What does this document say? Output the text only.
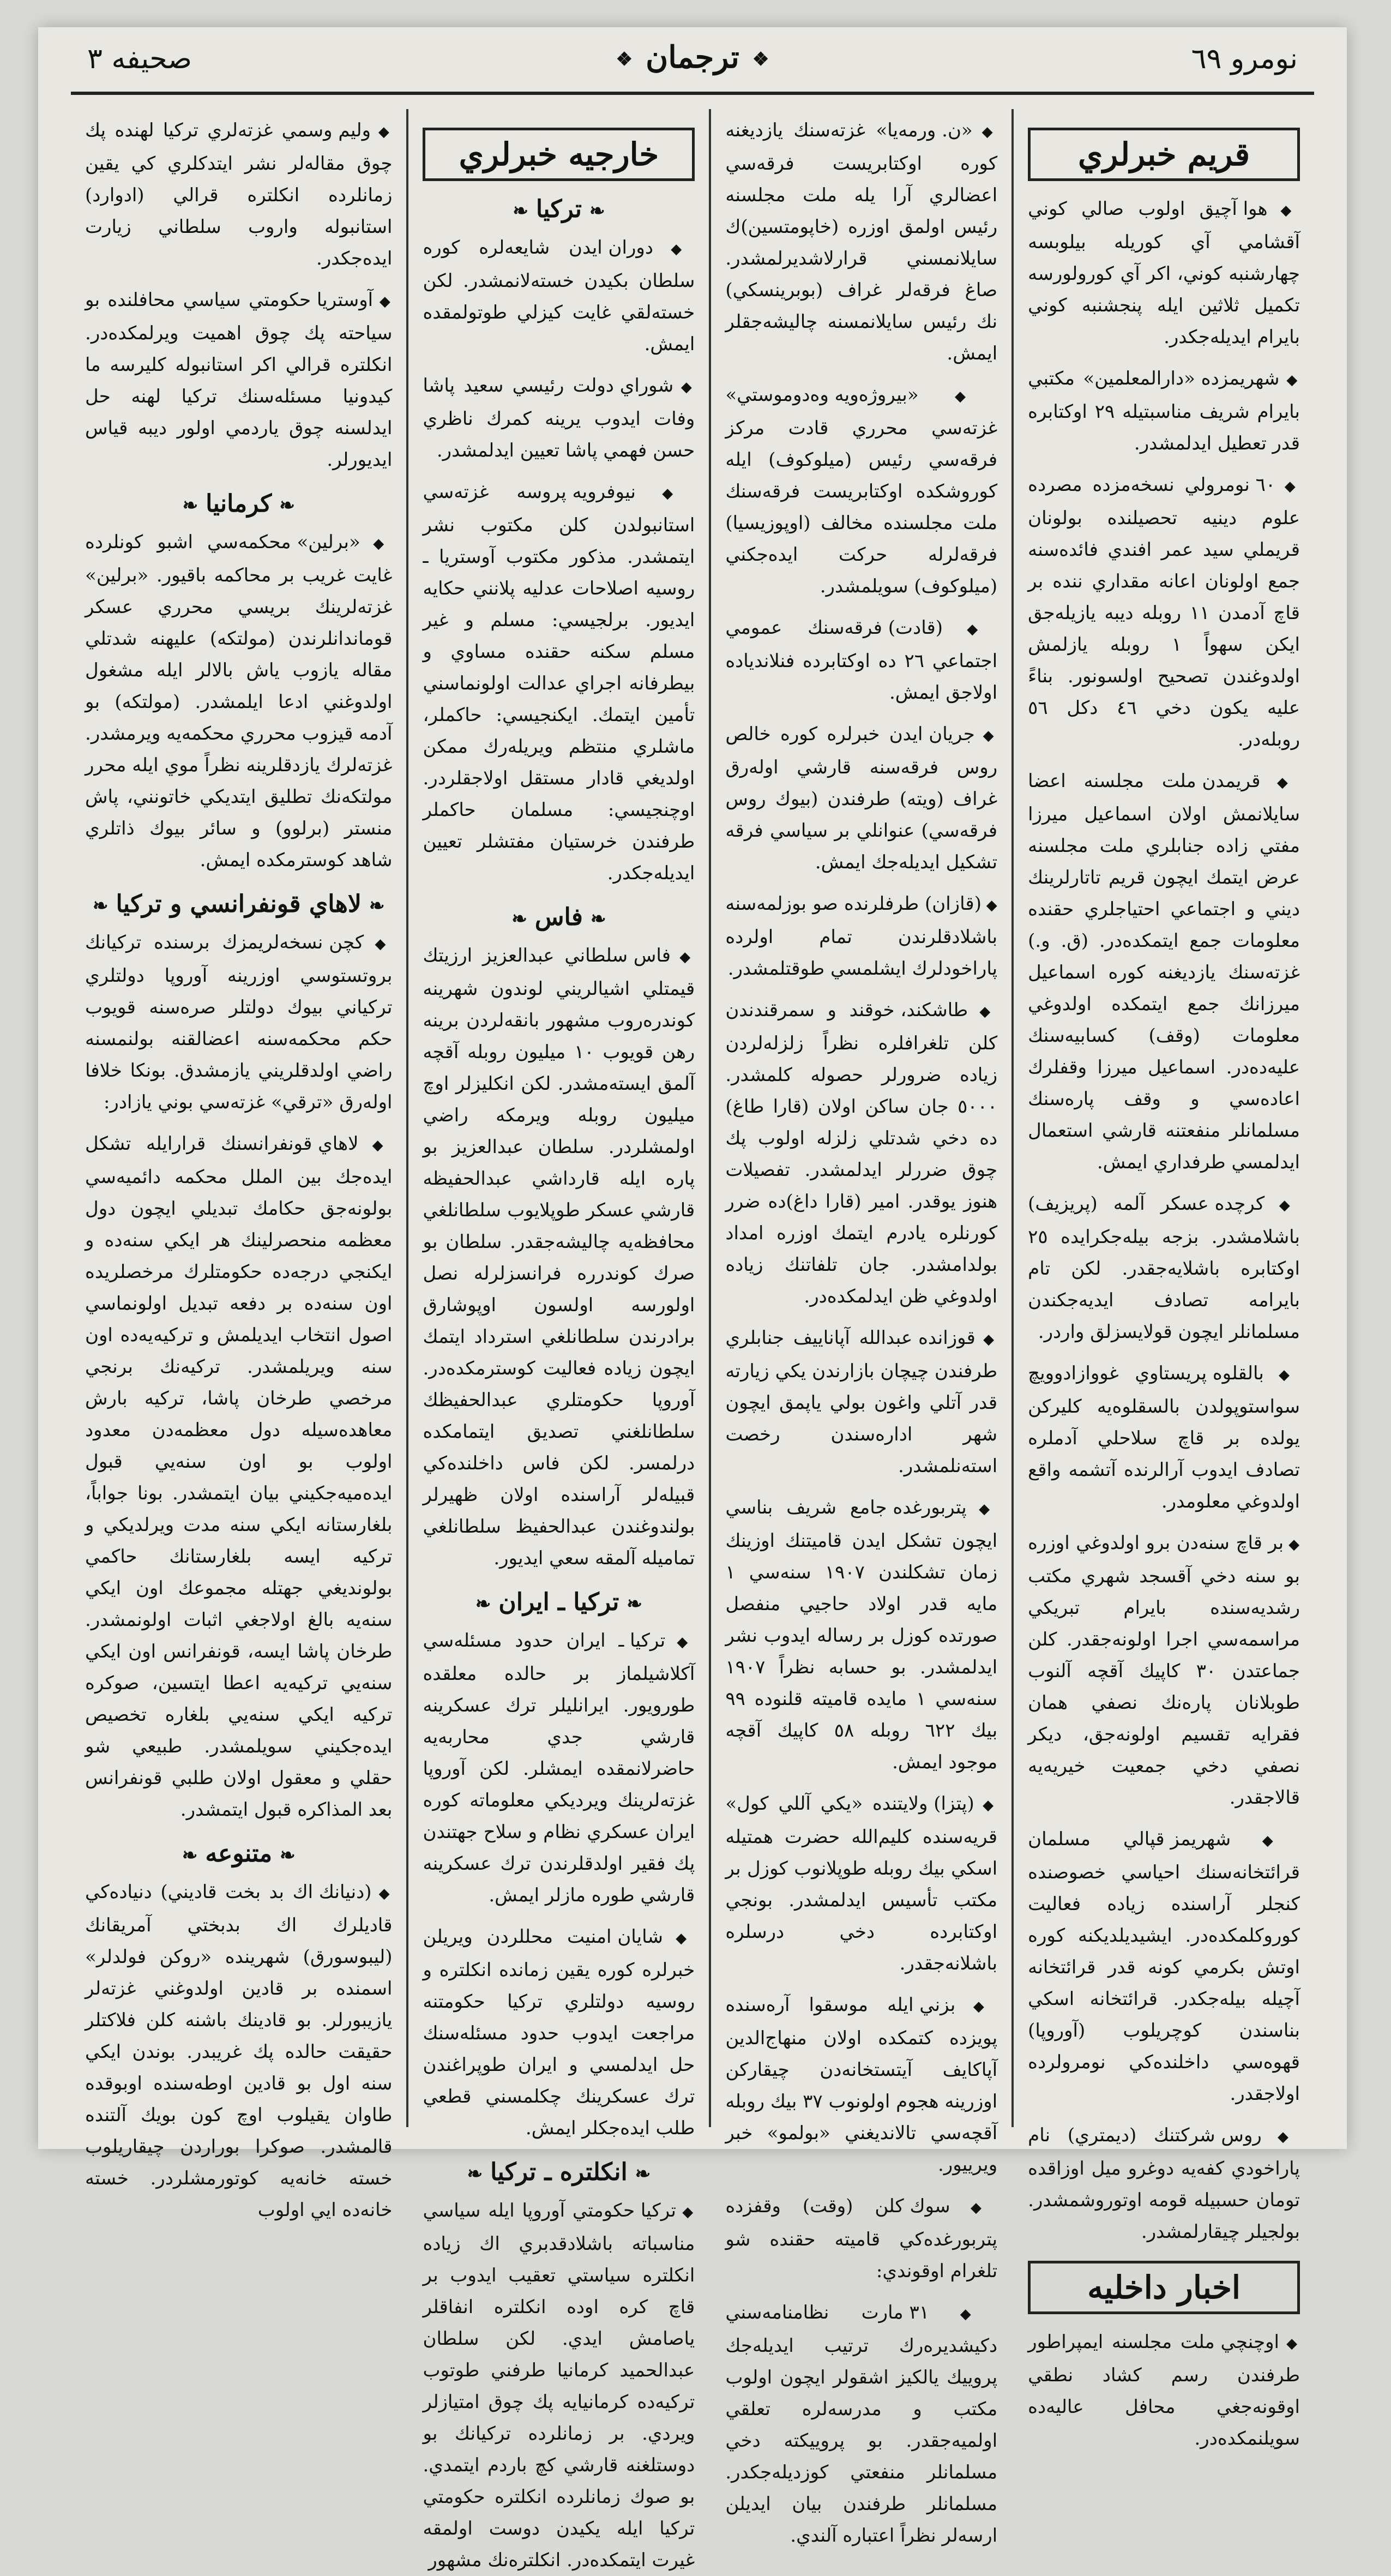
نومرو ٦٩
❖ ترجمان ❖
صحيفه ٣
قريم خبرلري

◆ هوا آچيق اولوب صالي كوني آقشامي آي كوريله بيلوبسه چهارشنبه كوني، اكر آي كورولورسه تكميل ثلاثين ايله پنجشنبه كوني بايرام ايديله‌جكدر.

◆ شهريمزده «دارالمعلمين» مكتبي بايرام شريف مناسبتيله ٢٩ اوكتابره قدر تعطيل ايدلمشدر.

◆ ٦٠ نومرولي نسخه‌مزده مصرده علوم دينيه تحصيلنده بولونان قريملي سيد عمر افندي فائده‌سنه جمع اولونان اعانه مقداري ننده بر قاچ آدمدن ١١ روبله ديبه يازيله‌جق ايكن سهواً ١ روبله يازلمش اولدوغندن تصحيح اولسونور. بناءً عليه يكون دخي ٤٦ دكل ٥٦ روبله‌در.

◆ قريمدن ملت مجلسنه اعضا سايلانمش اولان اسماعيل ميرزا مفتي زاده جنابلري ملت مجلسنه عرض ايتمك ايچون قريم تاتارلرينك ديني و اجتماعي احتياجلري حقنده معلومات جمع ايتمكده‌در. (ق. و.) غزته‌سنك يازديغنه كوره اسماعيل ميرزانك جمع ايتمكده اولدوغي معلومات (وقف) كسابيه‌سنك عليه‌ده‌در. اسماعيل ميرزا وقفلرك اعاده‌سي و وقف پاره‌سنك مسلمانلر منفعتنه قارشي استعمال ايدلمسي طرفداري ايمش.

◆ كرچده عسكر آلمه (پريزيف) باشلامشدر. بزجه بيله‌جكرايده ٢٥ اوكتابره باشلايه‌جقدر. لكن تام بايرامه تصادف ايديه‌جكندن مسلمانلر ايچون قولايسزلق واردر.

◆ بالقلوه پريستاوي غووازادوويچ سواستوپولدن بالسقلوه‌يه كليركن يولده بر قاچ سلاحلي آدملره تصادف ايدوب آرالرنده آتشمه واقع اولدوغي معلومدر.

◆ بر قاچ سنه‌دن برو اولدوغي اوزره بو سنه دخي آقسجد شهري مكتب رشديه‌سنده بايرام تبريكي مراسمه‌سي اجرا اولونه‌جقدر. كلن جماعتدن ٣٠ كاپيك آقچه آلنوب طوبلانان پاره‌نك نصفي همان فقرايه تقسيم اولونه‌جق، ديكر نصفي دخي جمعيت خيريه‌يه قالاجقدر.

◆ شهريمز قپالي مسلمان قرائتخانه‌سنك احياسي خصوصنده كنجلر آراسنده زياده فعاليت كوروكلمكده‌در. ايشيديلديكنه كوره اوتش بكرمي كونه قدر قرائتخانه آچيله بيله‌جكدر. قرائتخانه اسكي بناسندن كوچريلوب (آوروپا) قهوه‌سي داخلنده‌كي نومرولرده اولاجقدر.

◆ روس شركتنك (ديمتري) نام پاراخودي كفه‌يه دوغرو ميل اوزاقده تومان حسبيله قومه اوتوروشمشدر. بولجيلر چيقارلمشدر.

اخبار داخليه

◆ اوچنچي ملت مجلسنه ايمپراطور طرفندن رسم كشاد نطقي اوقونه‌جغي محافل عاليه‌ده سويلنمكده‌در.

◆ «ن. ورمه‌يا» غزته‌سنك يازديغنه كوره اوكتابريست فرقه‌سي اعضالري آرا يله ملت مجلسنه رئيس اولمق اوزره (خاپومتسين)ك سايلانمسني قرارلاشديرلمشدر. صاغ فرقه‌لر غراف (بوبرينسكي) نك رئيس سايلانمسنه چاليشه‌جقلر ايمش.

◆ «بيروژه‌ويه وه‌دوموستي» غزته‌سي محرري قادت مركز فرقه‌سي رئيس (ميلوكوف) ايله كوروشكده اوكتابريست فرقه‌سنك ملت مجلسنده مخالف (اوپوزيسيا) فرقه‌لرله حركت ايده‌جكني (ميلوكوف) سويلمشدر.

◆ (قادت) فرقه‌سنك عمومي اجتماعي ٢٦ ده اوكتابرده فنلانديا‌ده اولاجق ايمش.

◆ جريان ايدن خبرلره كوره خالص روس فرقه‌سنه قارشي اوله‌رق غراف (ويته) طرفندن (بيوك روس فرقه‌سي) عنوانلي بر سياسي فرقه تشكيل ايديله‌جك ايمش.

◆ (قازان) طرفلرنده صو بوزلمه‌سنه باشلادقلرندن تمام اولرده پاراخودلرك ايشلمسي طوقتلمشدر.

◆ طاشكند، خوقند و سمرقندندن كلن تلغرافلره نظراً زلزله‌لردن زياده ضرورلر حصوله كلمشدر. ٥٠٠٠ جان ساكن اولان (قارا طاغ) ده دخي شدتلي زلزله اولوب پك چوق ضررلر ايدلمشدر. تفصيلات هنوز يوقدر. امير (قارا داغ)ده ضرر كورنلره يادرم ايتمك اوزره امداد بولدامشدر. جان تلفاتنك زياده اولدوغي ظن ايدلمكده‌در.

◆ قوزانده عبدالله آپاناييف جنابلري طرفندن چيچان بازارندن يكي زيارته قدر آتلي واغون بولي ياپمق ايچون شهر اداره‌سندن رخصت استه‌نلمشدر.

◆ پتربورغده جامع شريف بناسي ايچون تشكل ايدن قاميتنك اوزينك زمان تشكلندن ١٩٠٧ سنه‌سي ١ مايه قدر اولاد حاجيي منفصل صورتده كوزل بر رساله ايدوب نشر ايدلمشدر. بو حسابه نظراً ١٩٠٧ سنه‌سي ١ مايده قاميته قلنوده ٩٩ بيك ٦٢٢ روبله ٥٨ كاپيك آقچه موجود ايمش.

◆ (پتزا) ولايتنده «يكي آللي كول» قريه‌سنده كليم‌الله حضرت همتيله اسكي بيك روبله طوپلانوب كوزل بر مكتب تأسيس ايدلمشدر. بونجي اوكتابرده دخي درسلره باشلانه‌جقدر.

◆ بزني ايله موسقوا آره‌سنده پويزده كتمكده اولان منهاج‌الدين آپاكايف آيتستخانه‌دن چيقاركن اوزرينه هجوم اولونوب ٣٧ بيك روبله آقچه‌سي تالانديغني «بولمو» خبر ويرييور.

◆ سوك كلن (وقت) وقفزده پتربورغده‌كي قاميته حقنده شو تلغرام اوقوندي:

◆ ٣١ مارت نظامنامه‌سني دكيشديره‌رك ترتيب ايديله‌جك پروييك يالكيز اشقولر ايچون اولوب مكتب و مدرسه‌لره تعلقي اولميه‌جقدر. بو پروييكته دخي مسلمانلر منفعتي كوزديله‌جكدر. مسلمانلر طرفندن بيان ايديلن ارسه‌لر نظراً اعتباره آلندي.

خارجيه خبرلري
❧ تركيا ❧

◆ دوران ايدن شايعه‌لره كوره سلطان بكيدن خسته‌لانمشدر. لكن خسته‌لقي غايت كيزلي طوتولمقده ايمش.

◆ شوراي دولت رئيسي سعيد پاشا وفات ايدوب يرينه كمرك ناظري حسن فهمي پاشا تعيين ايدلمشدر.

◆ نيوفرويه پروسه غزته‌سي استانبولدن كلن مكتوب نشر ايتمشدر. مذكور مكتوب آوستريا ـ روسيه اصلاحات عدليه پلانني حكايه ايديور. برلجيسي: مسلم و غير مسلم سكنه حقنده مساوي و بيطرفانه اجراي عدالت اولونماسني تأمين ايتمك. ايكنجيسي: حاكملر، ماشلري منتظم ويريله‌رك ممكن اولديغي قادار مستقل اولاجقلردر. اوچنجيسي: مسلمان حاكملر طرفندن خرستيان مفتشلر تعيين ايديله‌جكدر.

❧ فاس ❧

◆ فاس سلطاني عبدالعزيز ارزيتك قيمتلي اشيالريني لوندون شهرينه كوندره‌روب مشهور بانقه‌لردن برينه رهن قويوب ١٠ ميليون روبله آقچه آلمق ايسته‌مشدر. لكن انكليزلر اوچ ميليون روبله ويرمكه راضي اولمشلردر. سلطان عبدالعزيز بو پاره ايله قارداشي عبدالحفيظه قارشي عسكر طوپلايوب سلطانلغي محافظه‌يه چاليشه‌جقدر. سلطان بو صرك كوندرره فرانسزلرله نصل اولورسه اولسون اوپوشارق برادرندن سلطانلغي استرداد ايتمك ايچون زياده فعاليت كوسترمكده‌در. آوروپا حكومتلري عبدالحفيظك سلطانلغني تصديق ايتمامكده درلمسر. لكن فاس داخلنده‌كي قبيله‌لر آراسنده اولان ظهيرلر بولندوغندن عبدالحفيظ سلطانلغي تماميله آلمقه سعي ايديور.

❧ تركيا ـ ايران ❧

◆ تركيا ـ ايران حدود مسئله‌سي آكلاشيلماز بر حالده معلقده طورويور. ايرانليلر ترك عسكرينه قارشي جدي محاربه‌يه حاضرلانمقده ايمشلر. لكن آوروپا غزته‌لرينك ويرديكي معلوماته كوره ايران عسكري نظام و سلاح جهتندن پك فقير اولدقلرندن ترك عسكرينه قارشي طوره مازلر ايمش.

◆ شايان امنيت محللردن ويريلن خبرلره كوره يقين زمانده انكلتره و روسيه دولتلري تركيا حكومتنه مراجعت ايدوب حدود مسئله‌سنك حل ايدلمسي و ايران طوپراغندن ترك عسكرينك چكلمسني قطعي طلب ايده‌جكلر ايمش.

❧ انكلتره ـ تركيا ❧

◆ تركيا حكومتي آوروپا ايله سياسي مناسباته باشلادقدبري اك زياده انكلتره سياستي تعقيب ايدوب بر قاچ كره اوده انكلتره انفاقلر ياصامش ايدي. لكن سلطان عبدالحميد كرمانيا طرفني طوتوب تركيه‌ده كرمانيا‌يه پك چوق امتيازلر ويردي. بر زمانلرده تركيانك بو دوستلغنه قارشي كچ باردم ايتمدي. بو صوك زمانلرده انكلتره حكومتي تركيا ايله يكيدن دوست اولمقه غيرت ايتمكده‌در. انكلتره‌نك مشهور

◆ وليم وسمي غزته‌لري تركيا لهنده پك چوق مقاله‌لر نشر ايتدكلري كي يقين زمانلرده انكلتره قرالي (ادوارد) استانبوله واروب سلطاني زيارت ايده‌جكدر.

◆ آوستريا حكومتي سياسي محافلنده بو سياحته پك چوق اهميت ويرلمكده‌در. انكلتره قرالي اكر استانبوله كليرسه ما كيدونيا مسئله‌سنك تركيا لهنه حل ايدلسنه چوق ياردمي اولور ديبه قياس ايديورلر.

❧ كرمانيا ❧

◆ «برلين» محكمه‌سي اشبو كونلرده غايت غريب بر محاكمه باقيور. «برلين» غزته‌لرينك بريسي محرري عسكر قوماندانلرندن (مولتكه) عليهنه شدتلي مقاله يازوب ياش بالالر ايله مشغول اولدوغني ادعا ايلمشدر. (مولتكه) بو آدمه قيزوب محرري محكمه‌يه ويرمشدر. غزته‌لرك يازدقلرينه نظراً موي ايله محرر مولتكه‌نك تطليق ايتديكي خاتونني، پاش منستر (برلوو) و سائر بيوك ذاتلري شاهد كوسترمكده ايمش.

❧ لاهاي قونفرانسي و تركيا ❧

◆ كچن نسخه‌لريمزك برسنده تركيانك بروتستوسي اوزرينه آوروپا دولتلري تركياني بيوك دولتلر صره‌سنه قويوب حكم محكمه‌سنه اعضالقنه بولنمسنه راضي اولدقلريني يازمشدق. بونكا خلافا اوله‌رق «ترقي» غزته‌سي بوني يازادر:

◆ لاهاي قونفرانسنك قرارايله تشكل ايده‌جك بين الملل محكمه دائميه‌سي بولونه‌جق حكامك تبديلي ايچون دول معظمه منحصرلينك هر ايكي سنه‌ده و ايكنجي درجه‌ده حكومتلرك مرخصلريده اون سنه‌ده بر دفعه تبديل اولونماسي اصول انتخاب ايديلمش و تركيه‌يه‌ده اون سنه ويريلمشدر. تركيه‌نك برنجي مرخصي طرخان پاشا، تركيه بارش معاهده‌سيله دول معظمه‌دن معدود اولوب بو اون سنه‌يي قبول ايده‌ميه‌جكيني بيان ايتمشدر. بونا جواباً، بلغارستانه ايكي سنه مدت ويرلديكي و تركيه ايسه بلغارستانك حاكمي بولونديغي جهتله مجموعك اون ايكي سنه‌يه بالغ اولاجغي اثبات اولونمشدر. طرخان پاشا ايسه، قونفرانس اون ايكي سنه‌يي تركيه‌يه اعطا ايتسين، صوكره تركيه ايكي سنه‌يي بلغاره تخصيص ايده‌جكيني سويلمشدر. طبيعي شو حقلي و معقول اولان طلبي قونفرانس بعد المذاكره قبول ايتمشدر.

❧ متنوعه ❧

◆ (دنيانك اك بد بخت قاديني) دنياده‌كي قاديلرك اك بدبختي آمريقانك (ليبوسورق) شهرينده «روكن فولدلر» اسمنده بر قادين اولدوغني غزته‌لر يازيبورلر. بو قادينك باشنه كلن فلاكتلر حقيقت حالده پك غريبدر. بوندن ايكي سنه اول بو قادين اوطه‌سنده اوبوقده طاوان يقيلوب اوچ كون بويك آلتنده قالمشدر. صوكرا بوراردن چيقاريلوب خسته خانه‌يه كوتورمشلردر. خسته خانه‌ده ايي اولوب
